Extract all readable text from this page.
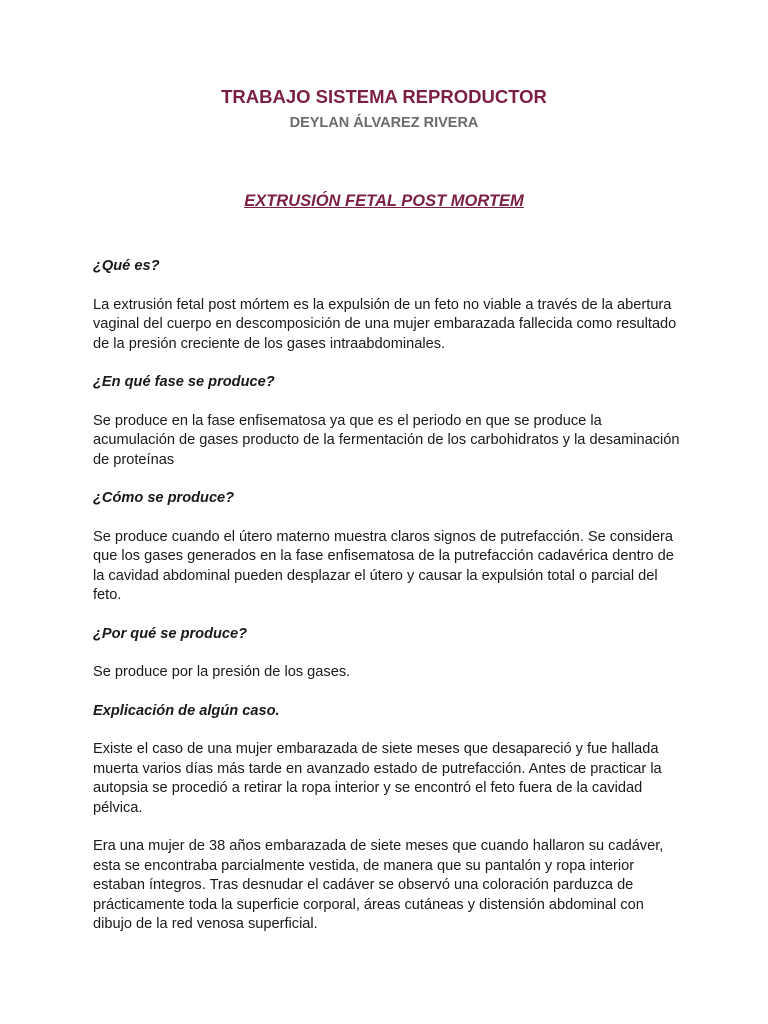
TRABAJO SISTEMA REPRODUCTOR
DEYLAN ÁLVAREZ RIVERA
EXTRUSIÓN FETAL POST MORTEM

¿Qué es?

La extrusión fetal post mórtem es la expulsión de un feto no viable a través de la abertura vaginal del cuerpo en descomposición de una mujer embarazada fallecida como resultado de la presión creciente de los gases intraabdominales.

¿En qué fase se produce?

Se produce en la fase enfisematosa ya que es el periodo en que se produce la acumulación de gases producto de la fermentación de los carbohidratos y la desaminación de proteínas

¿Cómo se produce?

Se produce cuando el útero materno muestra claros signos de putrefacción. Se considera que los gases generados en la fase enfisematosa de la putrefacción cadavérica dentro de la cavidad abdominal pueden desplazar el útero y causar la expulsión total o parcial del feto.

¿Por qué se produce?

Se produce por la presión de los gases.

Explicación de algún caso.

Existe el caso de una mujer embarazada de siete meses que desapareció y fue hallada muerta varios días más tarde en avanzado estado de putrefacción. Antes de practicar la autopsia se procedió a retirar la ropa interior y se encontró el feto fuera de la cavidad pélvica.

Era una mujer de 38 años embarazada de siete meses que cuando hallaron su cadáver, esta se encontraba parcialmente vestida, de manera que su pantalón y ropa interior estaban íntegros. Tras desnudar el cadáver se observó una coloración parduzca de prácticamente toda la superficie corporal, áreas cutáneas y distensión abdominal con dibujo de la red venosa superficial.
